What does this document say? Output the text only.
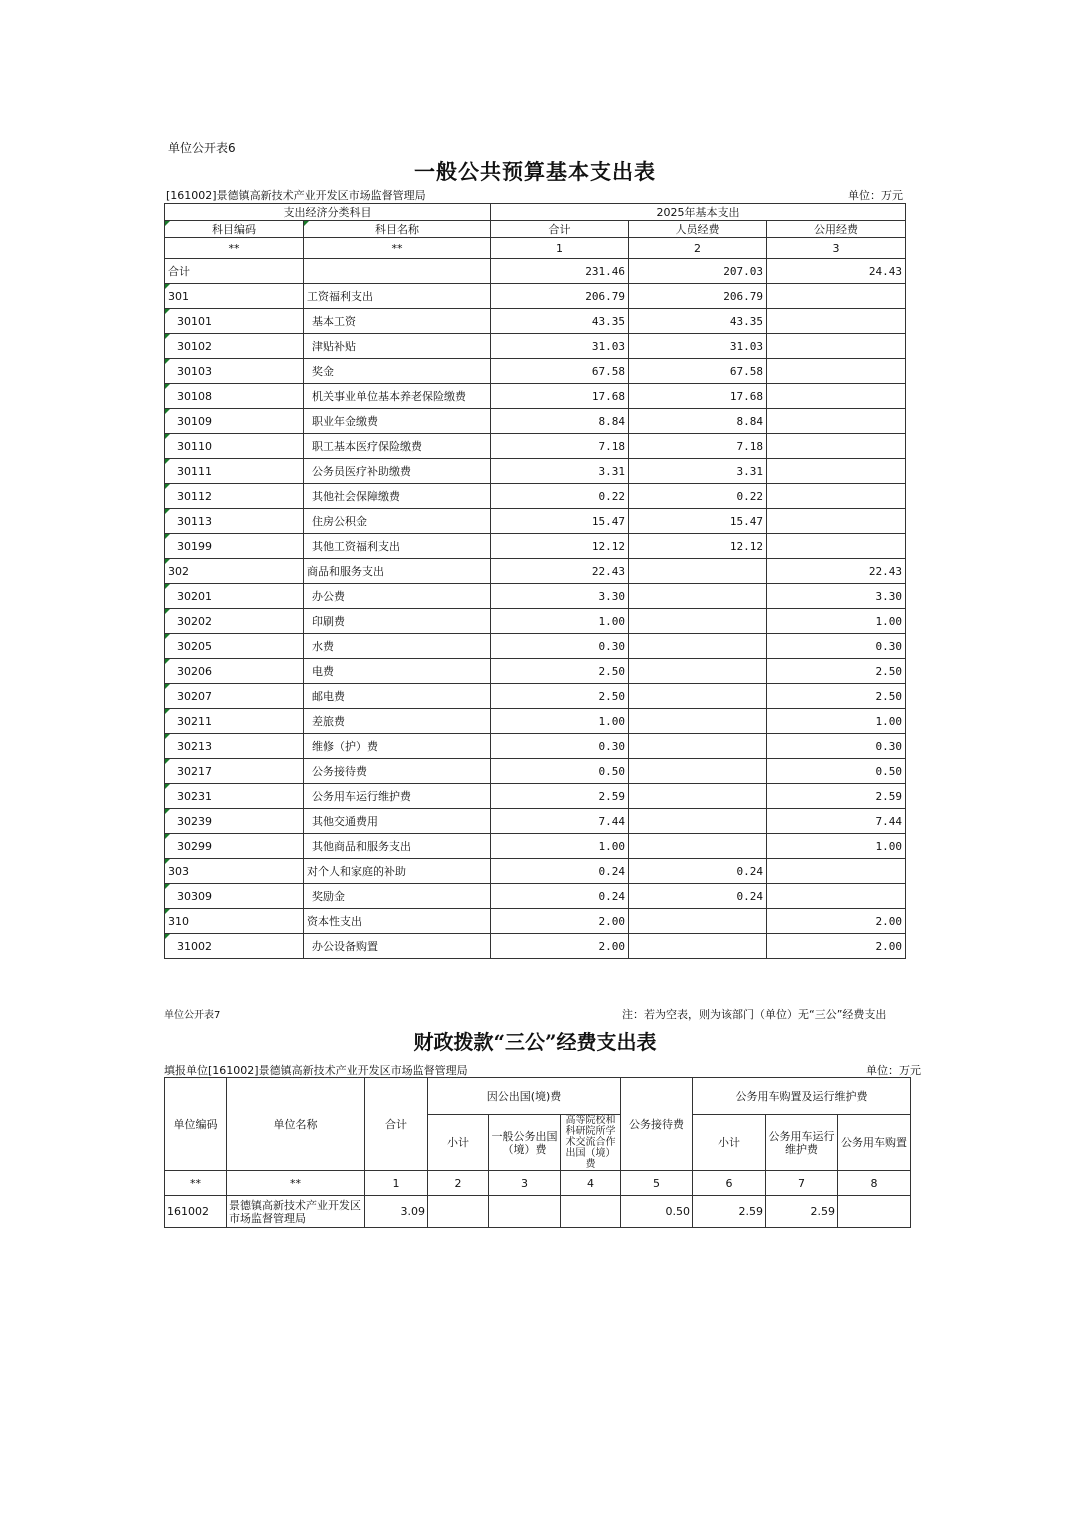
单位公开表6
一般公共预算基本支出表
[161002]景德镇高新技术产业开发区市场监督管理局	单位：万元
支出经济分类科目		2025年基本支出		
科目编码	科目名称	合计	人员经费	公用经费
**	**	1	2	3
合计		231.46	207.03	24.43
301	工资福利支出	206.79	206.79	
30101	基本工资	43.35	43.35	
30102	津贴补贴	31.03	31.03	
30103	奖金	67.58	67.58	
30108	机关事业单位基本养老保险缴费	17.68	17.68	
30109	职业年金缴费	8.84	8.84	
30110	职工基本医疗保险缴费	7.18	7.18	
30111	公务员医疗补助缴费	3.31	3.31	
30112	其他社会保障缴费	0.22	0.22	
30113	住房公积金	15.47	15.47	
30199	其他工资福利支出	12.12	12.12	
302	商品和服务支出	22.43		22.43
30201	办公费	3.30		3.30
30202	印刷费	1.00		1.00
30205	水费	0.30		0.30
30206	电费	2.50		2.50
30207	邮电费	2.50		2.50
30211	差旅费	1.00		1.00
30213	维修（护）费	0.30		0.30
30217	公务接待费	0.50		0.50
30231	公务用车运行维护费	2.59		2.59
30239	其他交通费用	7.44		7.44
30299	其他商品和服务支出	1.00		1.00
303	对个人和家庭的补助	0.24	0.24	
30309	奖励金	0.24	0.24	
310	资本性支出	2.00		2.00
31002	办公设备购置	2.00		2.00
单位公开表7	注：若为空表，则为该部门（单位）无“三公”经费支出
财政拨款“三公”经费支出表
填报单位[161002]景德镇高新技术产业开发区市场监督管理局	单位：万元
单位编码	单位名称	合计	因公出国(境)费			公务接待费	公务用车购置及运行维护费		
			小计	一般公务出国（境）费	高等院校和科研院所学术交流合作出国（境）费		小计	公务用车运行维护费	公务用车购置
**	**	1	2	3	4	5	6	7	8
161002	景德镇高新技术产业开发区市场监督管理局	3.09				0.50	2.59	2.59	
